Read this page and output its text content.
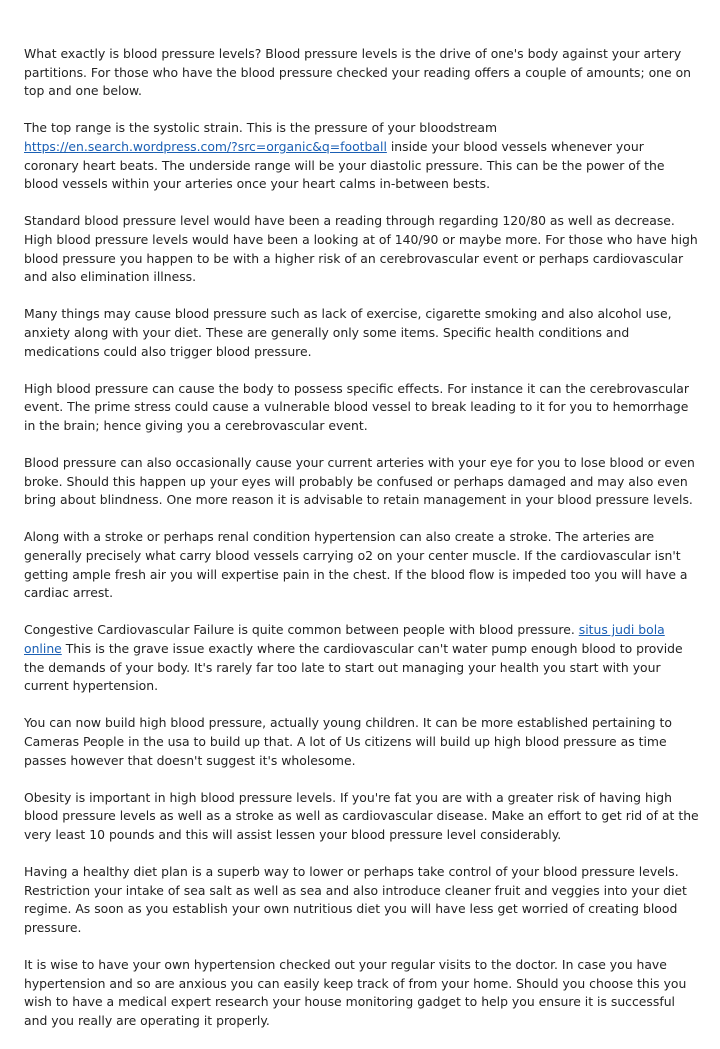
What exactly is blood pressure levels? Blood pressure levels is the drive of one's body against your artery partitions. For those who have the blood pressure checked your reading offers a couple of amounts; one on top and one below.

The top range is the systolic strain. This is the pressure of your bloodstream https://en.search.wordpress.com/?src=organic&q=football inside your blood vessels whenever your coronary heart beats. The underside range will be your diastolic pressure. This can be the power of the blood vessels within your arteries once your heart calms in-between bests.

Standard blood pressure level would have been a reading through regarding 120/80 as well as decrease. High blood pressure levels would have been a looking at of 140/90 or maybe more. For those who have high blood pressure you happen to be with a higher risk of an cerebrovascular event or perhaps cardiovascular and also elimination illness.

Many things may cause blood pressure such as lack of exercise, cigarette smoking and also alcohol use, anxiety along with your diet. These are generally only some items. Specific health conditions and medications could also trigger blood pressure.

High blood pressure can cause the body to possess specific effects. For instance it can the cerebrovascular event. The prime stress could cause a vulnerable blood vessel to break leading to it for you to hemorrhage in the brain; hence giving you a cerebrovascular event.

Blood pressure can also occasionally cause your current arteries with your eye for you to lose blood or even broke. Should this happen up your eyes will probably be confused or perhaps damaged and may also even bring about blindness. One more reason it is advisable to retain management in your blood pressure levels.

Along with a stroke or perhaps renal condition hypertension can also create a stroke. The arteries are generally precisely what carry blood vessels carrying o2 on your center muscle. If the cardiovascular isn't getting ample fresh air you will expertise pain in the chest. If the blood flow is impeded too you will have a cardiac arrest.

Congestive Cardiovascular Failure is quite common between people with blood pressure. situs judi bola online This is the grave issue exactly where the cardiovascular can't water pump enough blood to provide the demands of your body. It's rarely far too late to start out managing your health you start with your current hypertension.

You can now build high blood pressure, actually young children. It can be more established pertaining to Cameras People in the usa to build up that. A lot of Us citizens will build up high blood pressure as time passes however that doesn't suggest it's wholesome.

Obesity is important in high blood pressure levels. If you're fat you are with a greater risk of having high blood pressure levels as well as a stroke as well as cardiovascular disease. Make an effort to get rid of at the very least 10 pounds and this will assist lessen your blood pressure level considerably.

Having a healthy diet plan is a superb way to lower or perhaps take control of your blood pressure levels. Restriction your intake of sea salt as well as sea and also introduce cleaner fruit and veggies into your diet regime. As soon as you establish your own nutritious diet you will have less get worried of creating blood pressure.

It is wise to have your own hypertension checked out your regular visits to the doctor. In case you have hypertension and so are anxious you can easily keep track of from your home. Should you choose this you wish to have a medical expert research your house monitoring gadget to help you ensure it is successful and you really are operating it properly.
